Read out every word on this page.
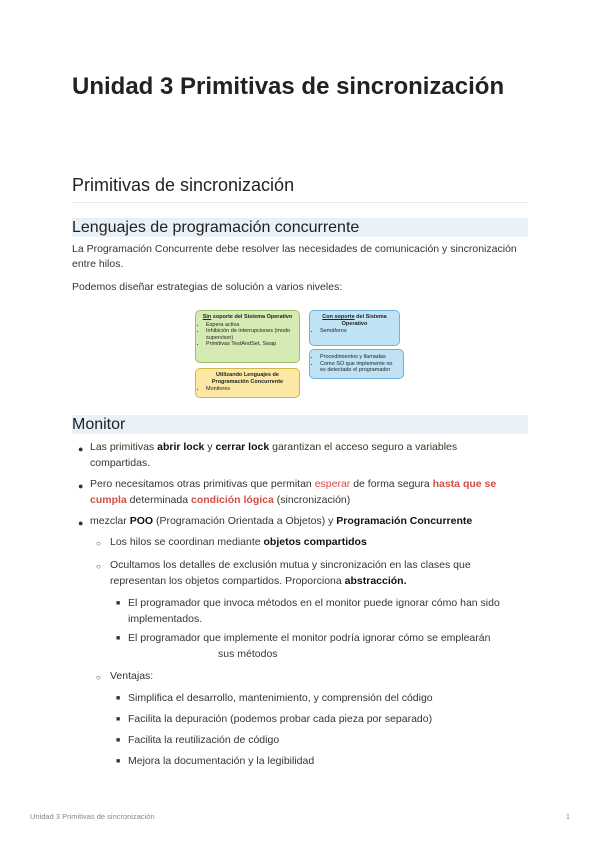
Unidad 3 Primitivas de sincronización
Primitivas de sincronización
Lenguajes de programación concurrente

La Programación Concurrente debe resolver las necesidades de comunicación y sincronización entre hilos.

Podemos diseñar estrategias de solución a varios niveles:

Sin soporte del Sistema Operativo
• Espera activa
• Inhibición de interrupciones (modo supervisor)
• Primitivas TestAndSet, Swap
Con soporte del Sistema Operativo
• Semáforos
• Procedimientos y llamadas
• Como SO que implemente no es detectado el programador
Utilizando Lenguajes de Programación Concurrente
• Monitores
Monitor
● Las primitivas abrir lock y cerrar lock garantizan el acceso seguro a variables
compartidas.
● Pero necesitamos otras primitivas que permitan esperar de forma segura hasta que se
cumpla determinada condición lógica (sincronización)
● mezclar POO (Programación Orientada a Objetos) y Programación Concurrente
○ Los hilos se coordinan mediante objetos compartidos
○ Ocultamos los detalles de exclusión mutua y sincronización en las clases que
representan los objetos compartidos. Proporciona abstracción.
■ El programador que invoca métodos en el monitor puede ignorar cómo han sido
implementados.
■ El programador que implemente el monitor podría ignorar cómo se emplearán
sus métodos
○ Ventajas:
■ Simplifica el desarrollo, mantenimiento, y comprensión del código
■ Facilita la depuración (podemos probar cada pieza por separado)
■ Facilita la reutilización de código
■ Mejora la documentación y la legibilidad
Unidad 3 Primitivas de sincronización	1
